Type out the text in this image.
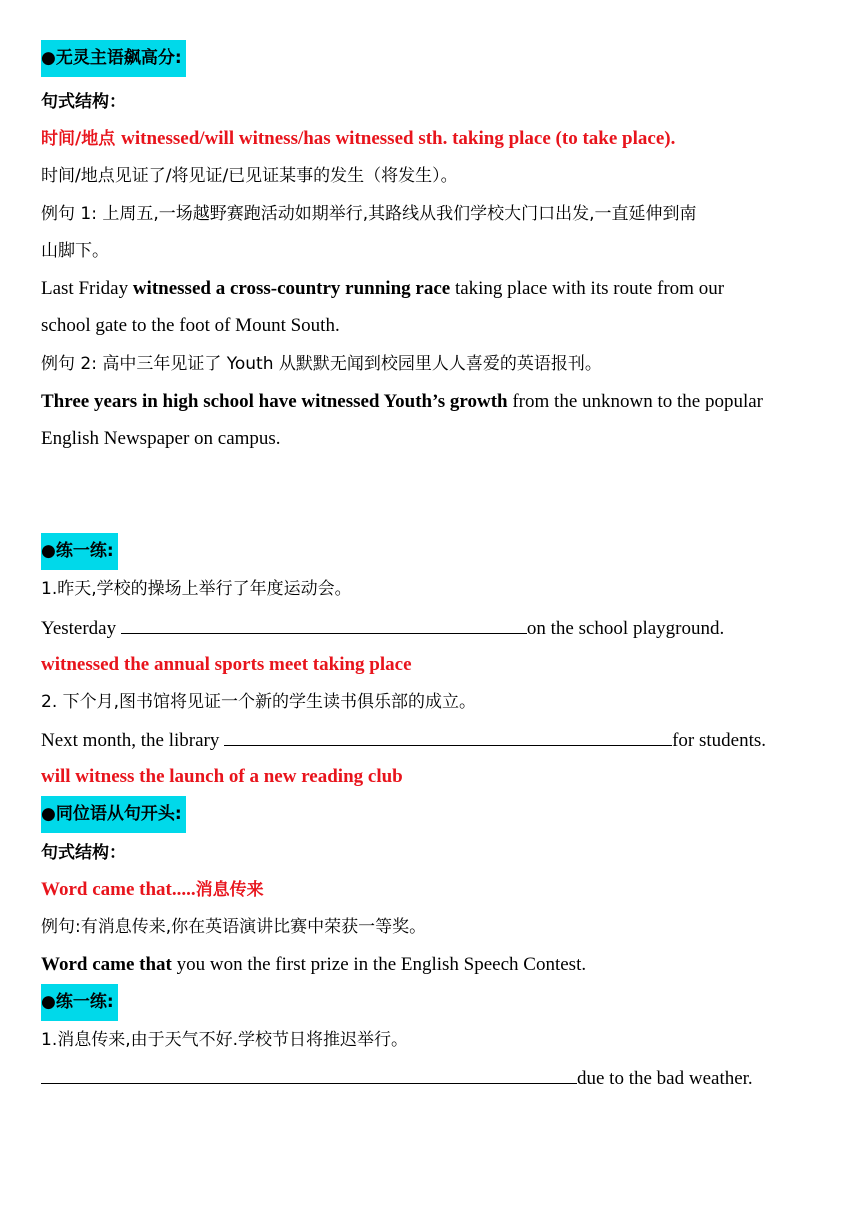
●无灵主语飙高分:
句式结构：
时间/地点 witnessed/will witness/has witnessed sth. taking place (to take place).
时间/地点见证了/将见证/已见证某事的发生（将发生）。
例句 1: 上周五,一场越野赛跑活动如期举行,其路线从我们学校大门口出发,一直延伸到南
山脚下。
Last Friday witnessed a cross-country running race taking place with its route from our
school gate to the foot of Mount South.
例句 2: 高中三年见证了 Youth 从默默无闻到校园里人人喜爱的英语报刊。
Three years in high school have witnessed Youth’s growth from the unknown to the popular
English Newspaper on campus.
●练一练:
1.昨天,学校的操场上举行了年度运动会。
Yesterday	on the school playground.
witnessed the annual sports meet taking place
2. 下个月,图书馆将见证一个新的学生读书俱乐部的成立。
Next month, the library	for students.
will witness the launch of a new reading club
●同位语从句开头:
句式结构：
Word came that.....消息传来
例句:有消息传来,你在英语演讲比赛中荣获一等奖。
Word came that you won the first prize in the English Speech Contest.
●练一练:
1.消息传来,由于天气不好.学校节日将推迟举行。
due to the bad weather.
